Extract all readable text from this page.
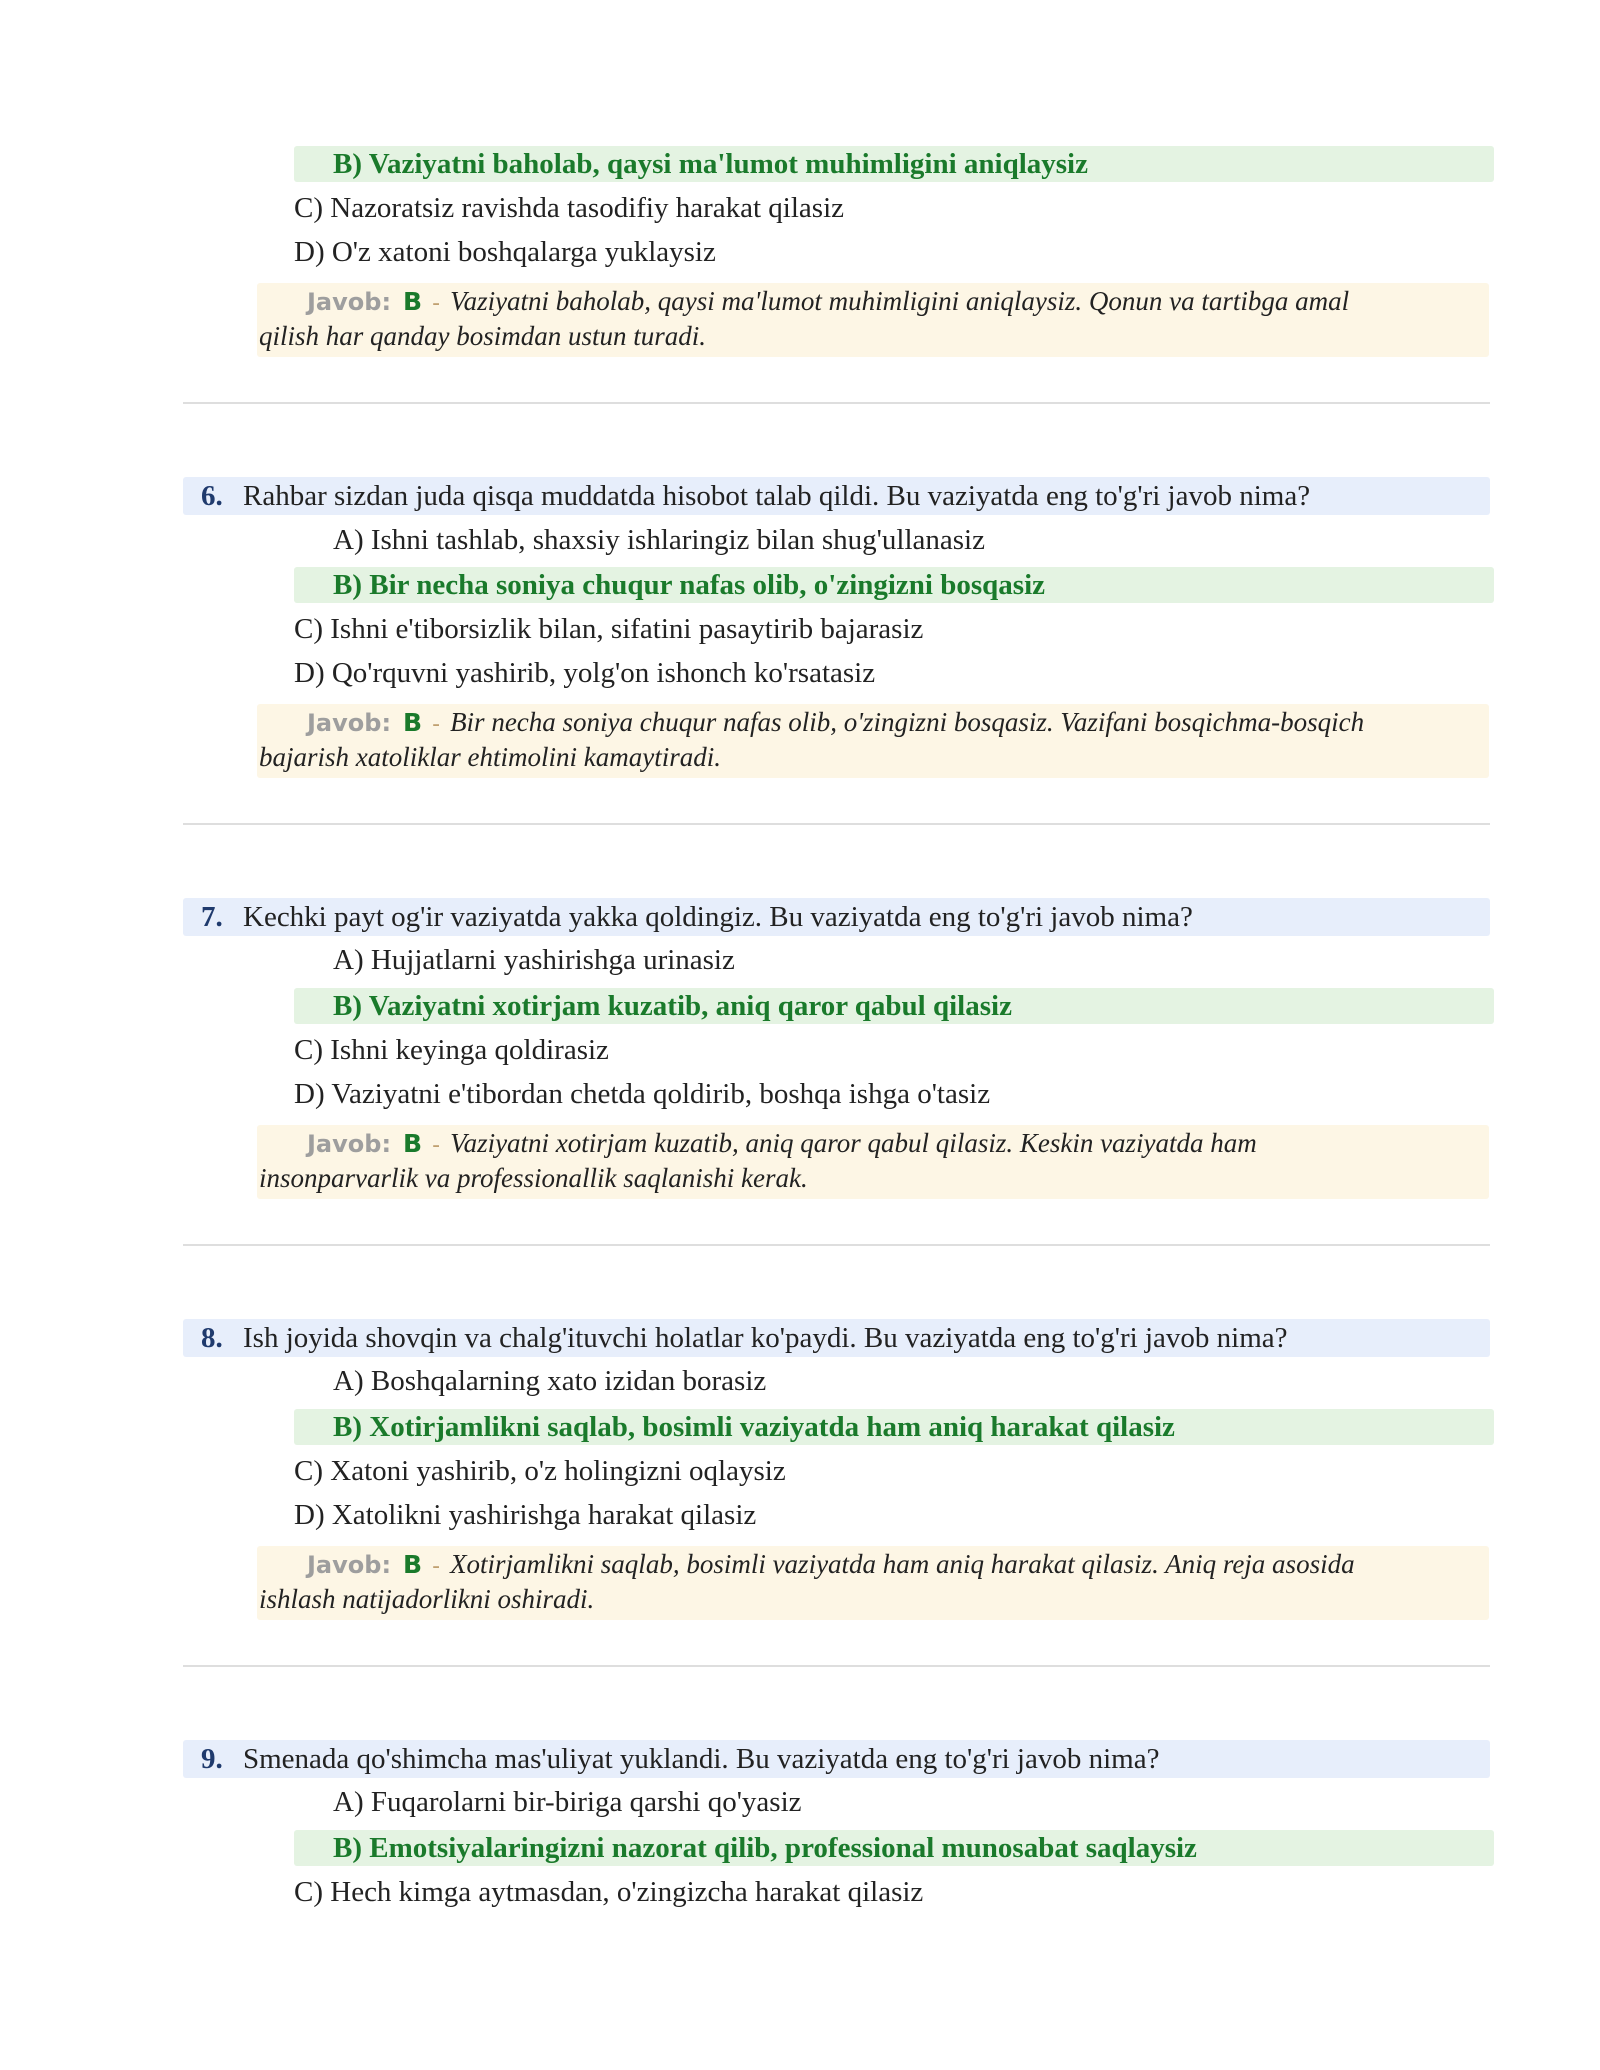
B) Vaziyatni baholab, qaysi ma'lumot muhimligini aniqlaysiz
C) Nazoratsiz ravishda tasodifiy harakat qilasiz
D) O'z xatoni boshqalarga yuklaysiz
Javob: B - Vaziyatni baholab, qaysi ma'lumot muhimligini aniqlaysiz. Qonun va tartibga amal
qilish har qanday bosimdan ustun turadi.
6. Rahbar sizdan juda qisqa muddatda hisobot talab qildi. Bu vaziyatda eng to'g'ri javob nima?
A) Ishni tashlab, shaxsiy ishlaringiz bilan shug'ullanasiz
B) Bir necha soniya chuqur nafas olib, o'zingizni bosqasiz
C) Ishni e'tiborsizlik bilan, sifatini pasaytirib bajarasiz
D) Qo'rquvni yashirib, yolg'on ishonch ko'rsatasiz
Javob: B - Bir necha soniya chuqur nafas olib, o'zingizni bosqasiz. Vazifani bosqichma-bosqich
bajarish xatoliklar ehtimolini kamaytiradi.
7. Kechki payt og'ir vaziyatda yakka qoldingiz. Bu vaziyatda eng to'g'ri javob nima?
A) Hujjatlarni yashirishga urinasiz
B) Vaziyatni xotirjam kuzatib, aniq qaror qabul qilasiz
C) Ishni keyinga qoldirasiz
D) Vaziyatni e'tibordan chetda qoldirib, boshqa ishga o'tasiz
Javob: B - Vaziyatni xotirjam kuzatib, aniq qaror qabul qilasiz. Keskin vaziyatda ham
insonparvarlik va professionallik saqlanishi kerak.
8. Ish joyida shovqin va chalg'ituvchi holatlar ko'paydi. Bu vaziyatda eng to'g'ri javob nima?
A) Boshqalarning xato izidan borasiz
B) Xotirjamlikni saqlab, bosimli vaziyatda ham aniq harakat qilasiz
C) Xatoni yashirib, o'z holingizni oqlaysiz
D) Xatolikni yashirishga harakat qilasiz
Javob: B - Xotirjamlikni saqlab, bosimli vaziyatda ham aniq harakat qilasiz. Aniq reja asosida
ishlash natijadorlikni oshiradi.
9. Smenada qo'shimcha mas'uliyat yuklandi. Bu vaziyatda eng to'g'ri javob nima?
A) Fuqarolarni bir-biriga qarshi qo'yasiz
B) Emotsiyalaringizni nazorat qilib, professional munosabat saqlaysiz
C) Hech kimga aytmasdan, o'zingizcha harakat qilasiz
